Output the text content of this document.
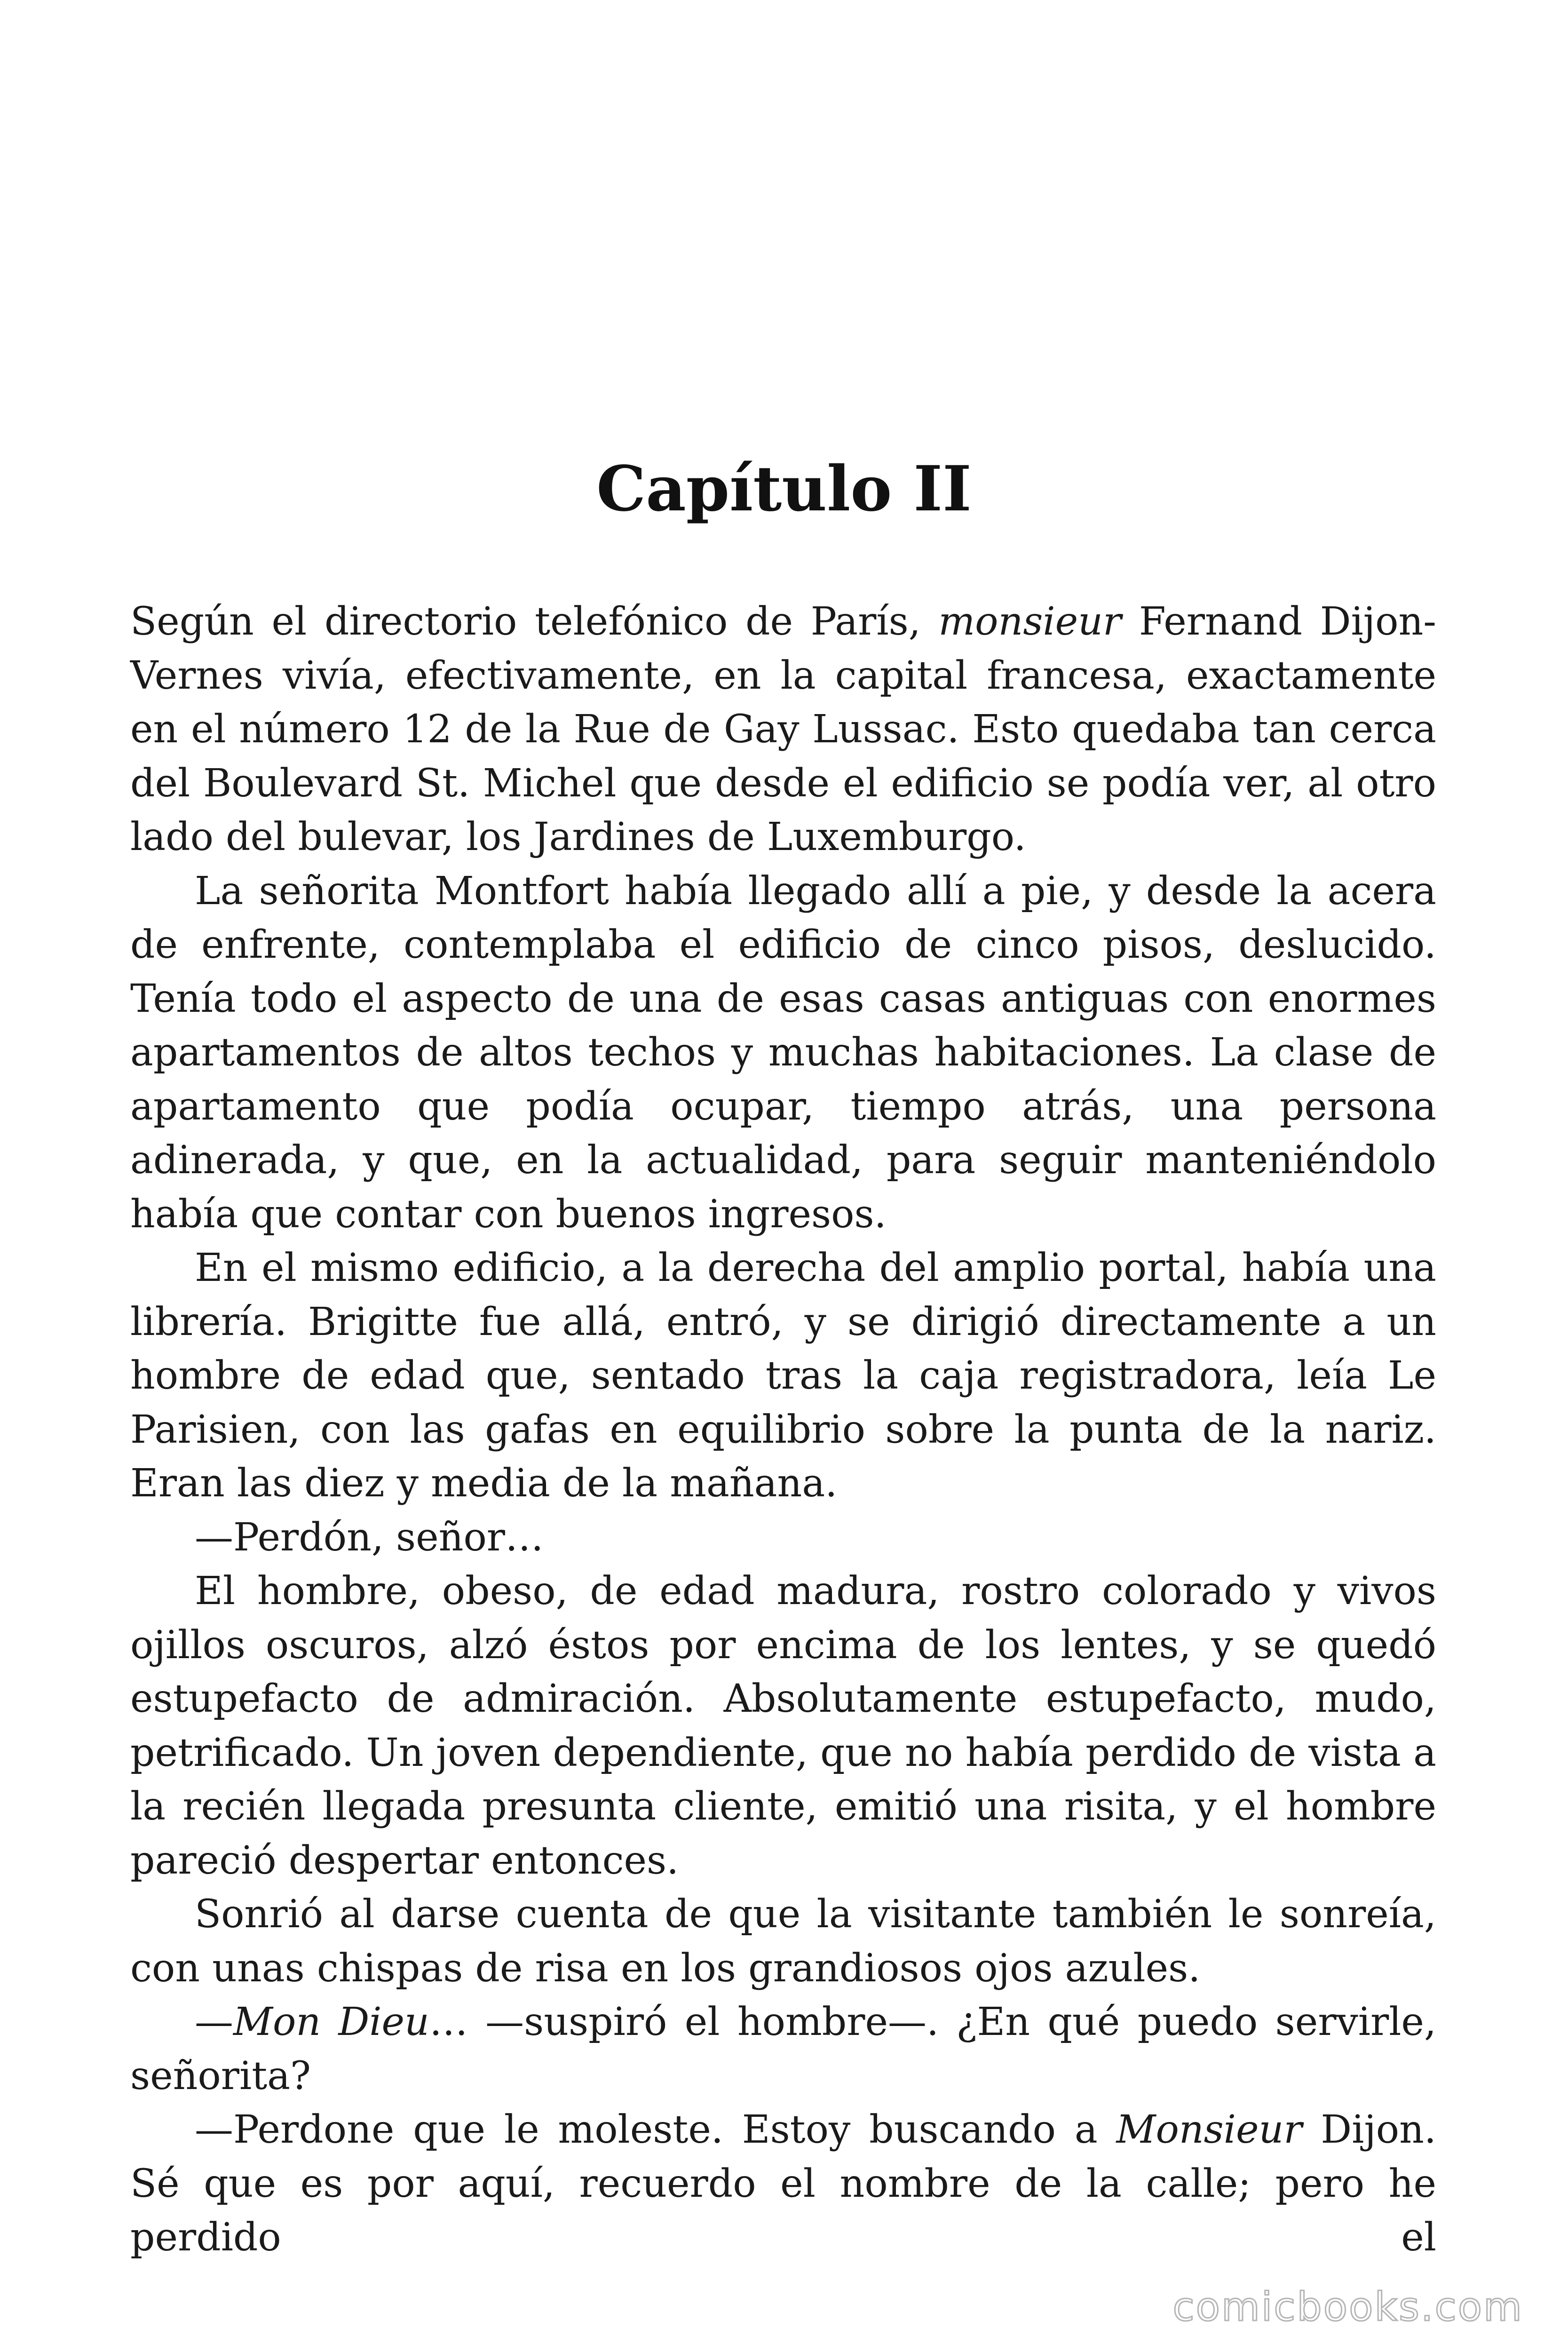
Capítulo II

Según el directorio telefónico de París, monsieur Fernand Dijon-Vernes vivía, efectivamente, en la capital francesa, exactamente en el número 12 de la Rue de Gay Lussac. Esto quedaba tan cerca del Boulevard St. Michel que desde el edificio se podía ver, al otro lado del bulevar, los Jardines de Luxemburgo.

La señorita Montfort había llegado allí a pie, y desde la acera de enfrente, contemplaba el edificio de cinco pisos, deslucido. Tenía todo el aspecto de una de esas casas antiguas con enormes apartamentos de altos techos y muchas habitaciones. La clase de apartamento que podía ocupar, tiempo atrás, una persona adinerada, y que, en la actualidad, para seguir manteniéndolo había que contar con buenos ingresos.

En el mismo edificio, a la derecha del amplio portal, había una librería. Brigitte fue allá, entró, y se dirigió directamente a un hombre de edad que, sentado tras la caja registradora, leía Le Parisien, con las gafas en equilibrio sobre la punta de la nariz. Eran las diez y media de la mañana.

—Perdón, señor…

El hombre, obeso, de edad madura, rostro colorado y vivos ojillos oscuros, alzó éstos por encima de los lentes, y se quedó estupefacto de admiración. Absolutamente estupefacto, mudo, petrificado. Un joven dependiente, que no había perdido de vista a la recién llegada presunta cliente, emitió una risita, y el hombre pareció despertar entonces.

Sonrió al darse cuenta de que la visitante también le sonreía, con unas chispas de risa en los grandiosos ojos azules.

—Mon Dieu… —suspiró el hombre—. ¿En qué puedo servirle, señorita?

—Perdone que le moleste. Estoy buscando a Monsieur Dijon. Sé que es por aquí, recuerdo el nombre de la calle; pero he perdido el

comicbooks.com
